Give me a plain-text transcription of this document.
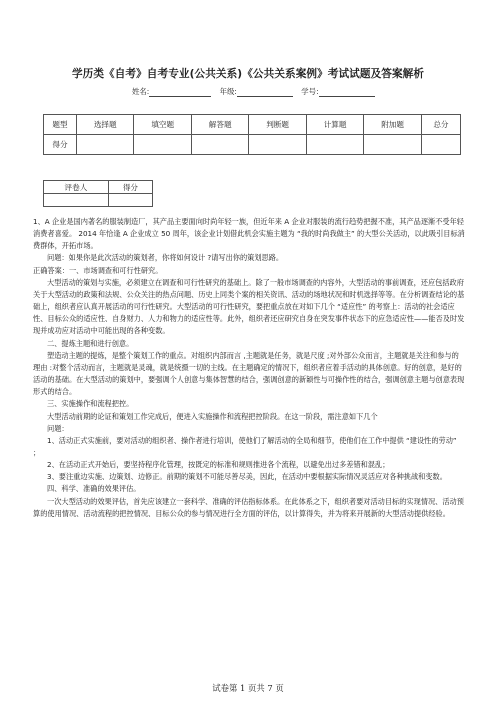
学历类《自考》自考专业(公共关系)《公共关系案例》考试试题及答案解析
姓名:	年级:	学号:
题型	选择题	填空题	解答题	判断题	计算题	附加题	总分
得分							
评卷人	得分

1、A 企业是国内著名的服装制造厂，其产品主要面向时尚年轻一族，但近年来 A 企业对服装的流行趋势把握不准，其产品逐渐不受年轻消费者喜爱。 2014 年恰逢 A 企业成立 50 周年，该企业计划借此机会实施主题为 “我的时尚我做主” 的大型公关活动，以此吸引目标消费群体，开拓市场。

问题：如果你是此次活动的策划者，你将如何设计 ?请写出你的策划思路。

正确答案：一、市场调查和可行性研究。

大型活动的策划与实施，必须建立在调查和可行性研究的基础上。除了一般市场调查的内容外，大型活动的事前调查，还应包括政府关于大型活动的政策和法规、公众关注的热点问题、历史上同类个案的相关资讯、活动的场地状况和时机选择等等。在分析调查结论的基础上，组织者应认真开展活动的可行性研究。大型活动的可行性研究，要把重点放在对如下几个 “适应性” 的考察上：活动的社会适应性、目标公众的适应性、自身财力、人力和物力的适应性等。此外，组织者还应研究自身在突发事件状态下的应急适应性——能否及时发现并成功应对活动中可能出现的各种变数。

二、提炼主题和进行创意。

塑造动主题的提炼，是整个策划工作的重点。对组织内部而言 ,主题就是任务，就是尺度 ;对外部公众而言，主题就是关注和参与的理由 :对整个活动而言，主题就是灵魂，就是统摄一切的主线。在主题确定的情况下，组织者应着手活动的具体创意。好的创意，是好的活动的基础。在大型活动的策划中，要强调个人创意与集体智慧的结合，强调创意的新颖性与可操作性的结合，强调创意主题与创意表现形式的结合。

三、实施操作和流程把控。

大型活动前期的论证和策划工作完成后，便进入实施操作和流程把控阶段。在这一阶段，需注意如下几个

问题：

1、活动正式实施前，要对活动的组织者、操作者进行培训，使他们了解活动的全局和细节，使他们在工作中提供 “建设性的劳动” ；

2、在活动正式开始后，要坚持程序化管理，按既定的标准和规则推进各个流程，以避免出过多差错和混乱；

3、要注重边实施、边策划、边修正。前期的策划不可能尽善尽美，因此，在活动中要根据实际情况灵活应对各种挑战和变数。

四、科学、准确的效果评估。

一次大型活动的效果评估，首先应该建立一套科学、准确的评估指标体系。在此体系之下，组织者要对活动目标的实现情况、活动预算的使用情况、活动流程的把控情况、目标公众的参与情况进行全方面的评估，以计算得失，并为将来开展新的大型活动提供经验。

试卷第 1 页共 7 页
